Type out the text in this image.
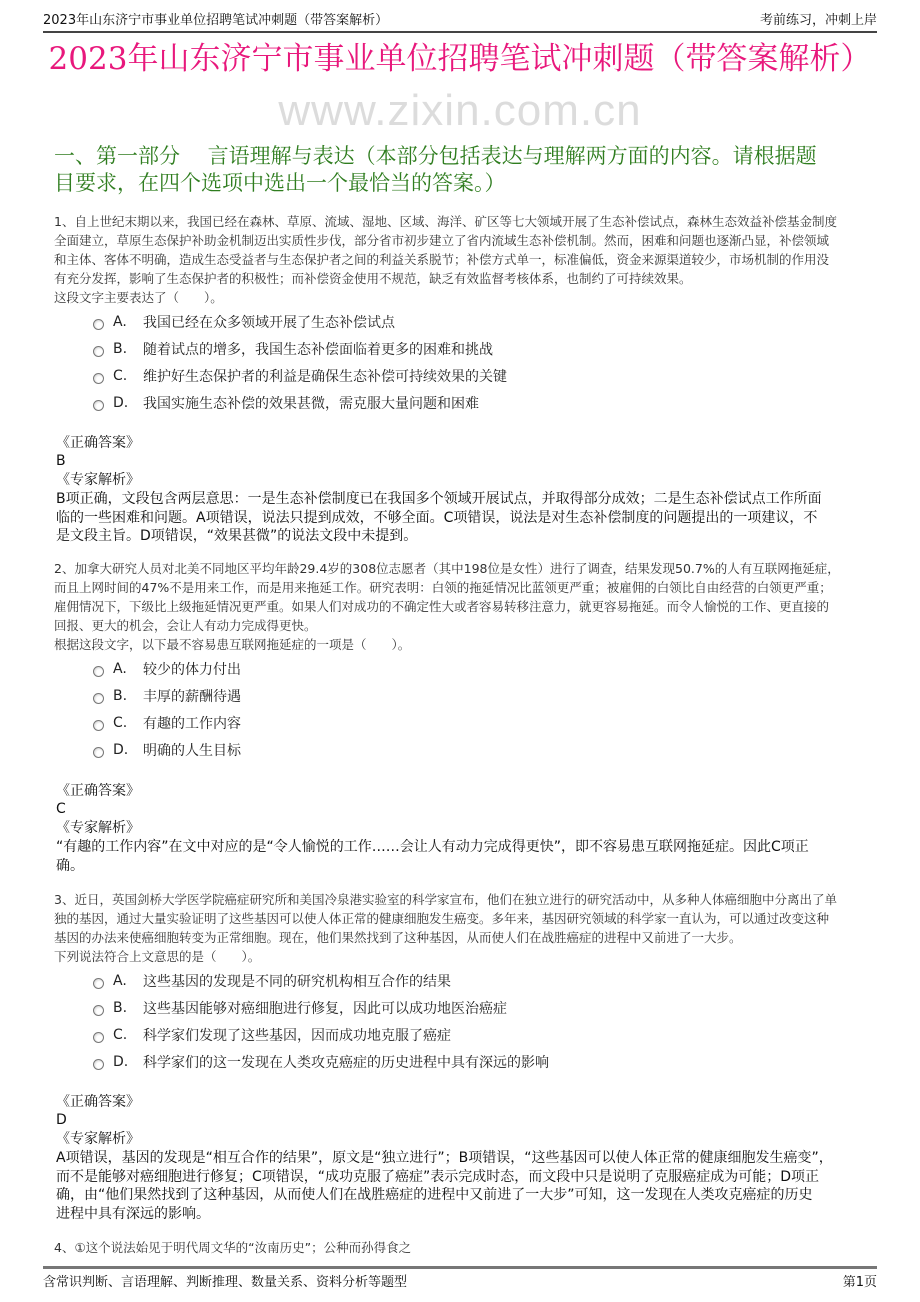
2023年山东济宁市事业单位招聘笔试冲刺题（带答案解析）	考前练习，冲刺上岸
2023年山东济宁市事业单位招聘笔试冲刺题（带答案解析）
www.zixin.com.cn
一、第一部分　 言语理解与表达（本部分包括表达与理解两方面的内容。请根据题
目要求，在四个选项中选出一个最恰当的答案。）
1、自上世纪末期以来，我国已经在森林、草原、流域、湿地、区域、海洋、矿区等七大领域开展了生态补偿试点，森林生态效益补偿基金制度
全面建立，草原生态保护补助金机制迈出实质性步伐，部分省市初步建立了省内流域生态补偿机制。然而，困难和问题也逐渐凸显，补偿领域
和主体、客体不明确，造成生态受益者与生态保护者之间的利益关系脱节；补偿方式单一，标准偏低，资金来源渠道较少，市场机制的作用没
有充分发挥，影响了生态保护者的积极性；而补偿资金使用不规范，缺乏有效监督考核体系，也制约了可持续效果。
这段文字主要表达了（　　）。
A.	我国已经在众多领域开展了生态补偿试点
B.	随着试点的增多，我国生态补偿面临着更多的困难和挑战
C.	维护好生态保护者的利益是确保生态补偿可持续效果的关键
D.	我国实施生态补偿的效果甚微，需克服大量问题和困难
《正确答案》
B
《专家解析》
B项正确，文段包含两层意思：一是生态补偿制度已在我国多个领域开展试点，并取得部分成效；二是生态补偿试点工作所面
临的一些困难和问题。A项错误，说法只提到成效，不够全面。C项错误，说法是对生态补偿制度的问题提出的一项建议，不
是文段主旨。D项错误，“效果甚微”的说法文段中未提到。
2、加拿大研究人员对北美不同地区平均年龄29.4岁的308位志愿者（其中198位是女性）进行了调查，结果发现50.7%的人有互联网拖延症，
而且上网时间的47%不是用来工作，而是用来拖延工作。研究表明：白领的拖延情况比蓝领更严重；被雇佣的白领比自由经营的白领更严重；
雇佣情况下，下级比上级拖延情况更严重。如果人们对成功的不确定性大或者容易转移注意力，就更容易拖延。而令人愉悦的工作、更直接的
回报、更大的机会，会让人有动力完成得更快。
根据这段文字，以下最不容易患互联网拖延症的一项是（　　）。
A.	较少的体力付出
B.	丰厚的薪酬待遇
C.	有趣的工作内容
D.	明确的人生目标
《正确答案》
C
《专家解析》
“有趣的工作内容”在文中对应的是“令人愉悦的工作……会让人有动力完成得更快”，即不容易患互联网拖延症。因此C项正
确。
3、近日，英国剑桥大学医学院癌症研究所和美国冷泉港实验室的科学家宣布，他们在独立进行的研究活动中，从多种人体癌细胞中分离出了单
独的基因，通过大量实验证明了这些基因可以使人体正常的健康细胞发生癌变。多年来，基因研究领域的科学家一直认为，可以通过改变这种
基因的办法来使癌细胞转变为正常细胞。现在，他们果然找到了这种基因，从而使人们在战胜癌症的进程中又前进了一大步。
下列说法符合上文意思的是（　　）。
A.	这些基因的发现是不同的研究机构相互合作的结果
B.	这些基因能够对癌细胞进行修复，因此可以成功地医治癌症
C.	科学家们发现了这些基因，因而成功地克服了癌症
D.	科学家们的这一发现在人类攻克癌症的历史进程中具有深远的影响
《正确答案》
D
《专家解析》
A项错误，基因的发现是“相互合作的结果”，原文是“独立进行”；B项错误，“这些基因可以使人体正常的健康细胞发生癌变”，
而不是能够对癌细胞进行修复；C项错误，“成功克服了癌症”表示完成时态，而文段中只是说明了克服癌症成为可能；D项正
确，由“他们果然找到了这种基因，从而使人们在战胜癌症的进程中又前进了一大步”可知，这一发现在人类攻克癌症的历史
进程中具有深远的影响。
4、①这个说法始见于明代周文华的“汝南历史”；公种而孙得食之
含常识判断、言语理解、判断推理、数量关系、资料分析等题型	第1页
